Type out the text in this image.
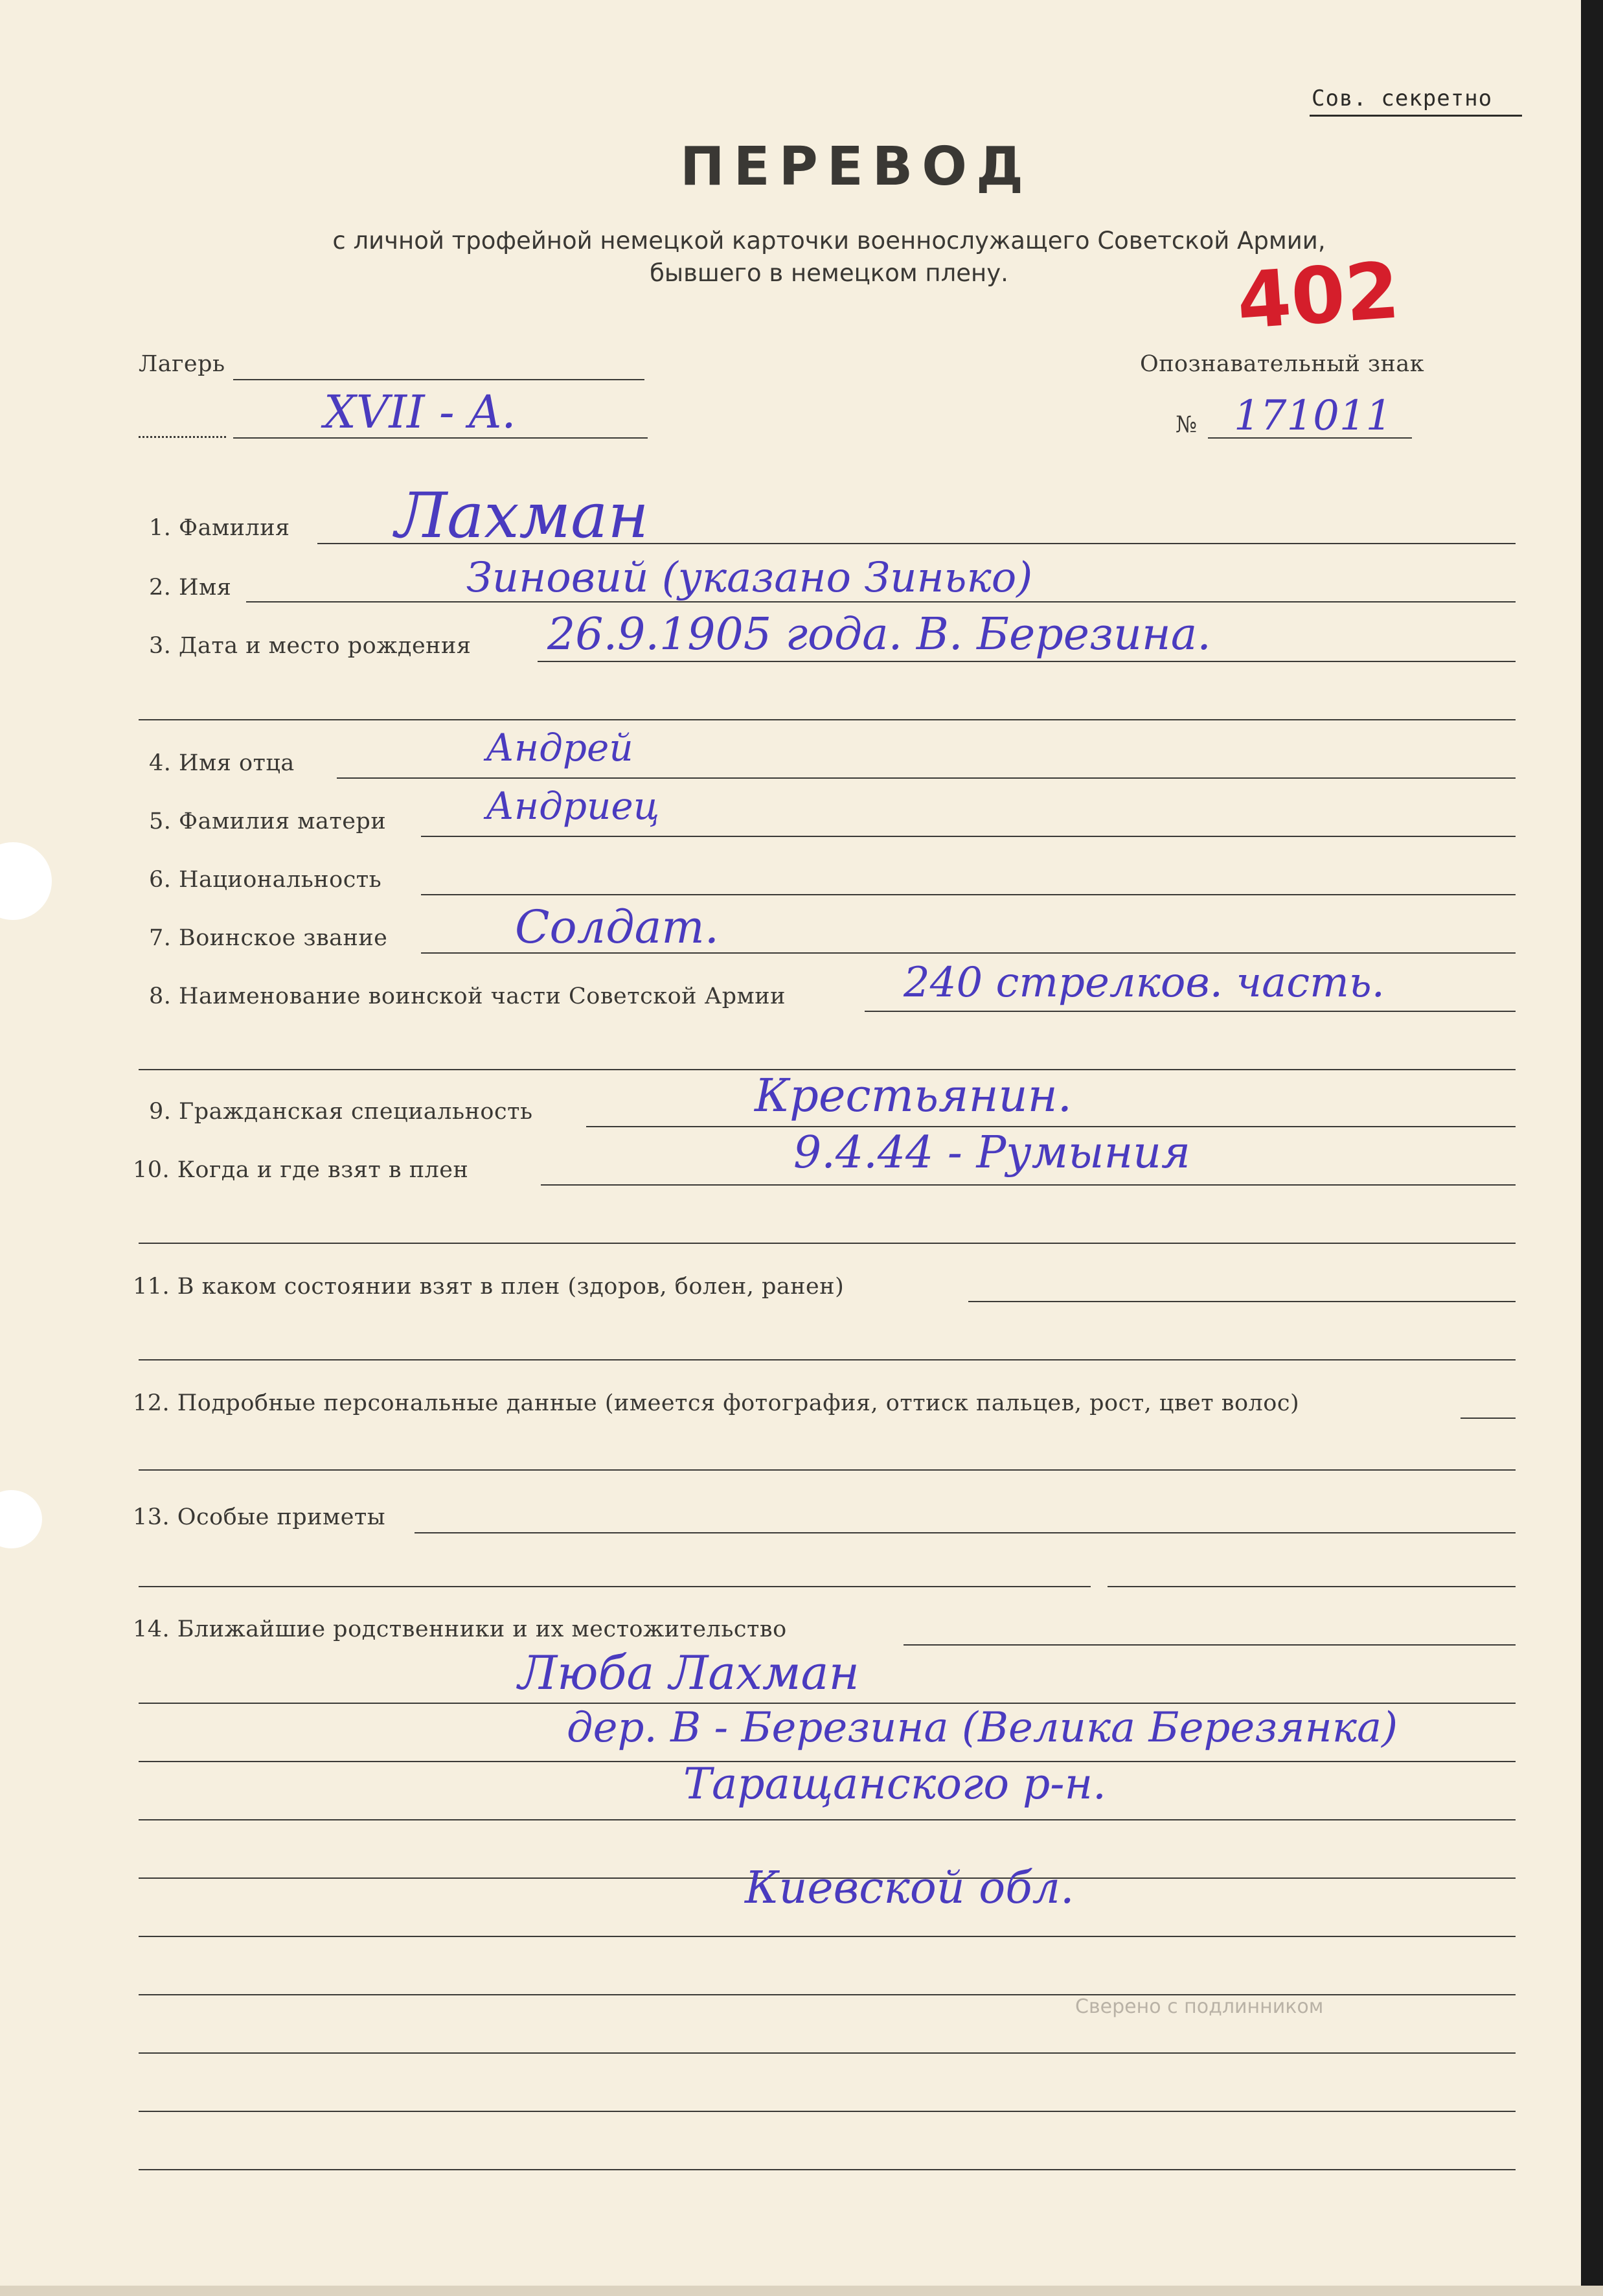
Сов. секретно
ПЕРЕВОД
с личной трофейной немецкой карточки военнослужащего Советской Армии,
бывшего в немецком плену.	402
Лагерь
XVII - A.
Опознавательный знак
№ 171011
1. Фамилия Лахман
2. Имя	Зиновий (указано Зинько)
3. Дата и место рождения 26.9.1905 года. В. Березина.
4. Имя отца	Андрей
5. Фамилия матери	Андриец
6. Национальность
7. Воинское звание	Солдат.
8. Наименование воинской части Советской Армии	240 стрелков. часть.
9. Гражданская специальность	Крестьянин.
10. Когда и где взят в плен	9.4.44 - Румыния
11. В каком состоянии взят в плен (здоров, болен, ранен)
12. Подробные персональные данные (имеется фотография, оттиск пальцев, рост, цвет волос)
13. Особые приметы
14. Ближайшие родственники и их местожительство
Люба Лахман
дер. В - Березина (Велика Березянка)
Таращанского р-н.
Киевской обл.
Сверено с подлинником
